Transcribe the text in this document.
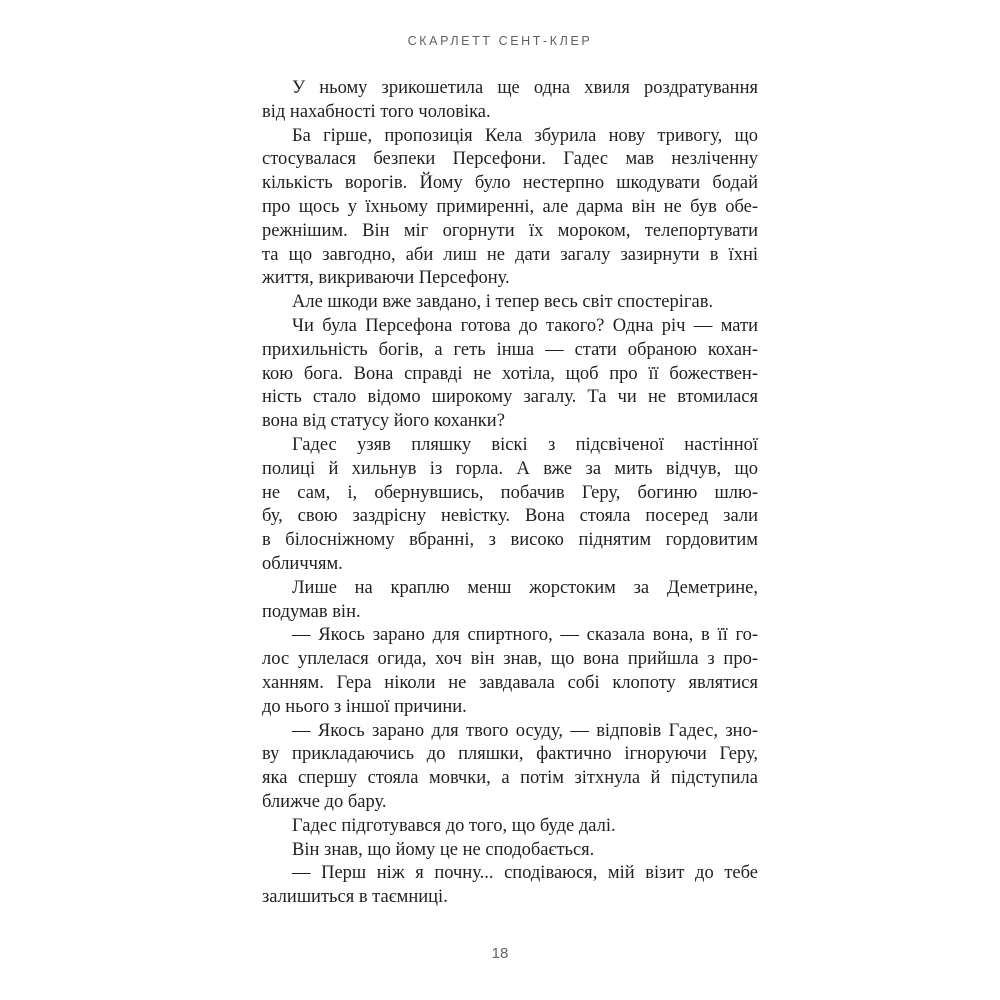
СКАРЛЕТТ СЕНТ-КЛЕР
У ньому зрикошетила ще одна хвиля роздратування
від нахабності того чоловіка.
Ба гірше, пропозиція Кела збурила нову тривогу, що
стосувалася безпеки Персефони. Гадес мав незліченну
кількість ворогів. Йому було нестерпно шкодувати бодай
про щось у їхньому примиренні, але дарма він не був обе-
режнішим. Він міг огорнути їх мороком, телепортувати
та що завгодно, аби лиш не дати загалу зазирнути в їхні
життя, викриваючи Персефону.
Але шкоди вже завдано, і тепер весь світ спостерігав.
Чи була Персефона готова до такого? Одна річ — мати
прихильність богів, а геть інша — стати обраною кохан-
кою бога. Вона справді не хотіла, щоб про її божествен-
ність стало відомо широкому загалу. Та чи не втомилася
вона від статусу його коханки?
Гадес узяв пляшку віскі з підсвіченої настінної
полиці й хильнув із горла. А вже за мить відчув, що
не сам, і, обернувшись, побачив Геру, богиню шлю-
бу, свою заздрісну невістку. Вона стояла посеред зали
в білосніжному вбранні, з високо піднятим гордовитим
обличчям.
Лише на краплю менш жорстоким за Деметрине,
подумав він.
— Якось зарано для спиртного, — сказала вона, в її го-
лос уплелася огида, хоч він знав, що вона прийшла з про-
ханням. Гера ніколи не завдавала собі клопоту являтися
до нього з іншої причини.
— Якось зарано для твого осуду, — відповів Гадес, зно-
ву прикладаючись до пляшки, фактично ігноруючи Геру,
яка спершу стояла мовчки, а потім зітхнула й підступила
ближче до бару.
Гадес підготувався до того, що буде далі.
Він знав, що йому це не сподобається.
— Перш ніж я почну... сподіваюся, мій візит до тебе
залишиться в таємниці.
18
